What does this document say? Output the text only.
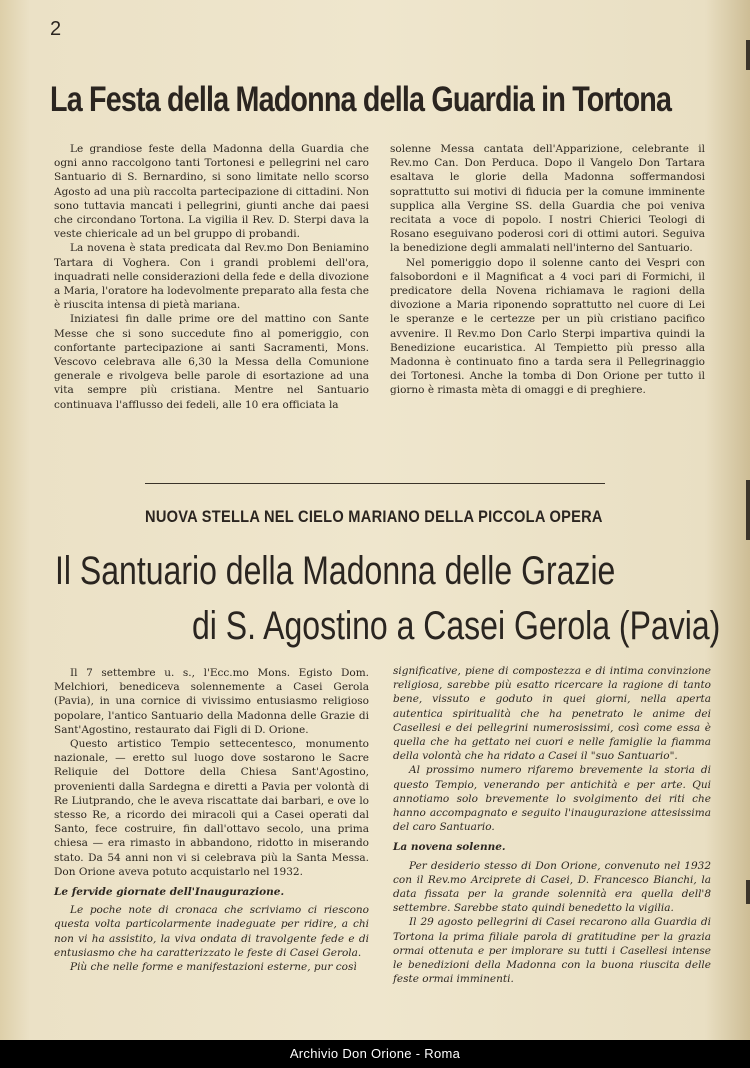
2
La Festa della Madonna della Guardia in Tortona

Le grandiose feste della Madonna della Guardia che ogni anno raccolgono tanti Tortonesi e pellegrini nel caro Santuario di S. Bernardino, si sono limitate nello scorso Agosto ad una più raccolta partecipazione di cittadini. Non sono tuttavia mancati i pellegrini, giunti anche dai paesi che circondano Tortona. La vigilia il Rev. D. Sterpi dava la veste chiericale ad un bel gruppo di probandi.

La novena è stata predicata dal Rev.mo Don Beniamino Tartara di Voghera. Con i grandi problemi dell'ora, inquadrati nelle considerazioni della fede e della divozione a Maria, l'oratore ha lodevolmente preparato alla festa che è riuscita intensa di pietà mariana.

Iniziatesi fin dalle prime ore del mattino con Sante Messe che si sono succedute fino al pomeriggio, con confortante partecipazione ai santi Sacramenti, Mons. Vescovo celebrava alle 6,30 la Messa della Comunione generale e rivolgeva belle parole di esortazione ad una vita sempre più cristiana. Mentre nel Santuario continuava l'afflusso dei fedeli, alle 10 era officiata la

solenne Messa cantata dell'Apparizione, celebrante il Rev.mo Can. Don Perduca. Dopo il Vangelo Don Tartara esaltava le glorie della Madonna soffermandosi soprattutto sui motivi di fiducia per la comune imminente supplica alla Vergine SS. della Guardia che poi veniva recitata a voce di popolo. I nostri Chierici Teologi di Rosano eseguivano poderosi cori di ottimi autori. Seguiva la benedizione degli ammalati nell'interno del Santuario.

Nel pomeriggio dopo il solenne canto dei Vespri con falsobordoni e il Magnificat a 4 voci pari di Formichi, il predicatore della Novena richiamava le ragioni della divozione a Maria riponendo soprattutto nel cuore di Lei le speranze e le certezze per un più cristiano pacifico avvenire. Il Rev.mo Don Carlo Sterpi impartiva quindi la Benedizione eucaristica. Al Tempietto più presso alla Madonna è continuato fino a tarda sera il Pellegrinaggio dei Tortonesi. Anche la tomba di Don Orione per tutto il giorno è rimasta mèta di omaggi e di preghiere.

NUOVA STELLA NEL CIELO MARIANO DELLA PICCOLA OPERA
Il Santuario della Madonna delle Grazie
di S. Agostino a Casei Gerola (Pavia)

Il 7 settembre u. s., l'Ecc.mo Mons. Egisto Dom. Melchiori, benediceva solennemente a Casei Gerola (Pavia), in una cornice di vivissimo entusiasmo religioso popolare, l'antico Santuario della Madonna delle Grazie di Sant'Agostino, restaurato dai Figli di D. Orione.

Questo artistico Tempio settecentesco, monumento nazionale, — eretto sul luogo dove sostarono le Sacre Reliquie del Dottore della Chiesa Sant'Agostino, provenienti dalla Sardegna e diretti a Pavia per volontà di Re Liutprando, che le aveva riscattate dai barbari, e ove lo stesso Re, a ricordo dei miracoli qui a Casei operati dal Santo, fece costruire, fin dall'ottavo secolo, una prima chiesa — era rimasto in abbandono, ridotto in miserando stato. Da 54 anni non vi si celebrava più la Santa Messa. Don Orione aveva potuto acquistarlo nel 1932.

Le fervide giornate dell'Inaugurazione.

Le poche note di cronaca che scriviamo ci riescono questa volta particolarmente inadeguate per ridire, a chi non vi ha assistito, la viva ondata di travolgente fede e di entusiasmo che ha caratterizzato le feste di Casei Gerola.

Più che nelle forme e manifestazioni esterne, pur così

significative, piene di compostezza e di intima convinzione religiosa, sarebbe più esatto ricercare la ragione di tanto bene, vissuto e goduto in quei giorni, nella aperta autentica spiritualità che ha penetrato le anime dei Casellesi e dei pellegrini numerosissimi, così come essa è quella che ha gettato nei cuori e nelle famiglie la fiamma della volontà che ha ridato a Casei il "suo Santuario".

Al prossimo numero rifaremo brevemente la storia di questo Tempio, venerando per antichità e per arte. Qui annotiamo solo brevemente lo svolgimento dei riti che hanno accompagnato e seguito l'inaugurazione attesissima del caro Santuario.

La novena solenne.

Per desiderio stesso di Don Orione, convenuto nel 1932 con il Rev.mo Arciprete di Casei, D. Francesco Bianchi, la data fissata per la grande solennità era quella dell'8 settembre. Sarebbe stato quindi benedetto la vigilia.

Il 29 agosto pellegrini di Casei recarono alla Guardia di Tortona la prima filiale parola di gratitudine per la grazia ormai ottenuta e per implorare su tutti i Casellesi intense le benedizioni della Madonna con la buona riuscita delle feste ormai imminenti.

Archivio Don Orione - Roma
